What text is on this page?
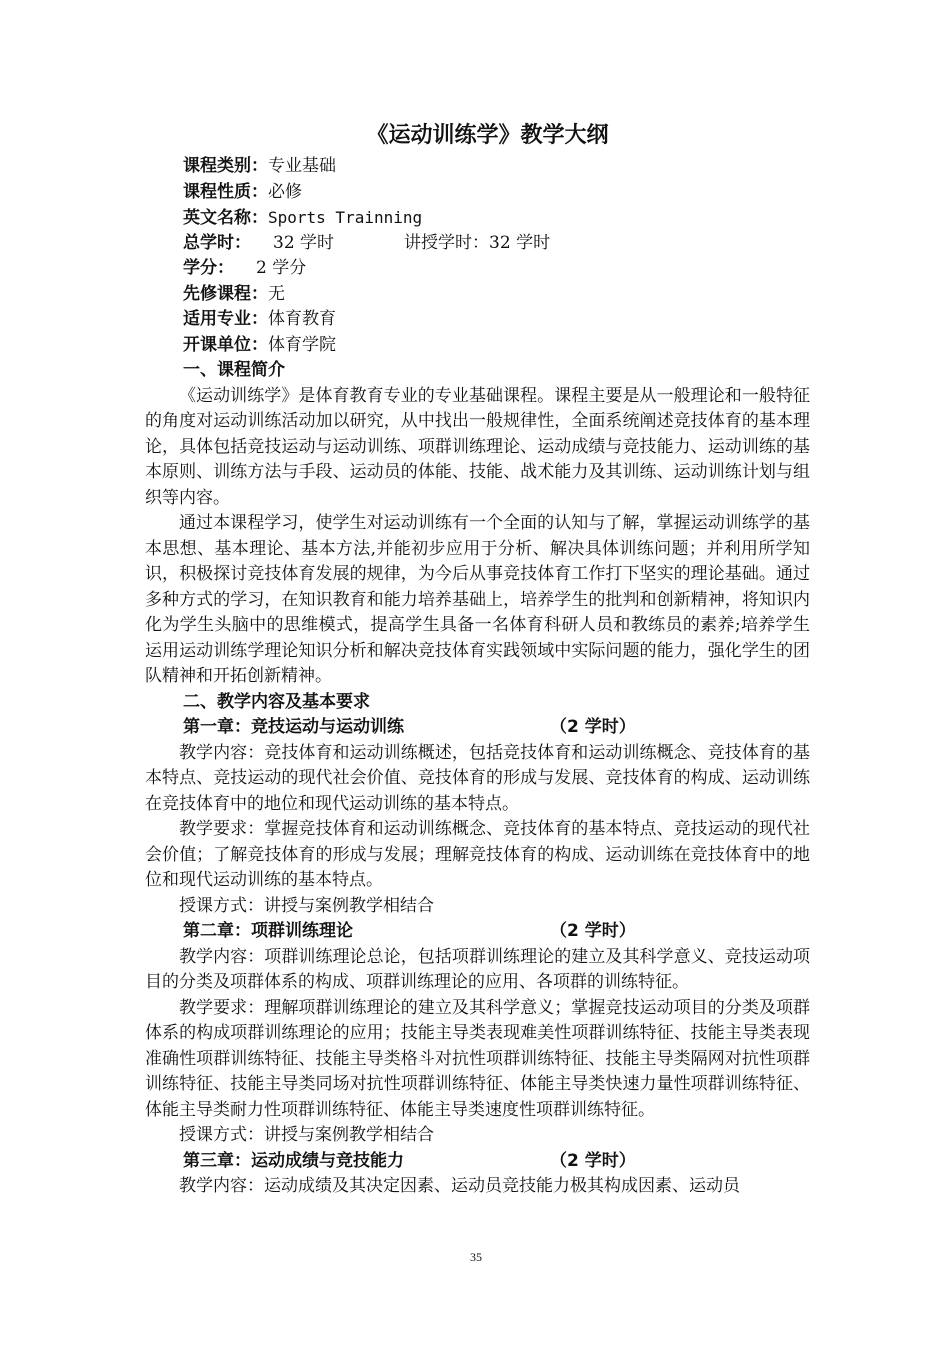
《运动训练学》教学大纲
课程类别：专业基础
课程性质：必修
英文名称：Sports Trainning
总学时： 32 学时	讲授学时：32 学时
学分： 2 学分
先修课程：无
适用专业：体育教育
开课单位：体育学院
一、课程简介

《运动训练学》是体育教育专业的专业基础课程。课程主要是从一般理论和一般特征的角度对运动训练活动加以研究，从中找出一般规律性，全面系统阐述竞技体育的基本理论，具体包括竞技运动与运动训练、项群训练理论、运动成绩与竞技能力、运动训练的基本原则、训练方法与手段、运动员的体能、技能、战术能力及其训练、运动训练计划与组织等内容。

通过本课程学习，使学生对运动训练有一个全面的认知与了解，掌握运动训练学的基本思想、基本理论、基本方法,并能初步应用于分析、解决具体训练问题；并利用所学知识，积极探讨竞技体育发展的规律，为今后从事竞技体育工作打下坚实的理论基础。通过多种方式的学习，在知识教育和能力培养基础上，培养学生的批判和创新精神，将知识内化为学生头脑中的思维模式，提高学生具备一名体育科研人员和教练员的素养;培养学生运用运动训练学理论知识分析和解决竞技体育实践领域中实际问题的能力，强化学生的团队精神和开拓创新精神。

二、教学内容及基本要求
第一章：竞技运动与运动训练	（2 学时）

教学内容：竞技体育和运动训练概述，包括竞技体育和运动训练概念、竞技体育的基本特点、竞技运动的现代社会价值、竞技体育的形成与发展、竞技体育的构成、运动训练在竞技体育中的地位和现代运动训练的基本特点。

教学要求：掌握竞技体育和运动训练概念、竞技体育的基本特点、竞技运动的现代社会价值；了解竞技体育的形成与发展；理解竞技体育的构成、运动训练在竞技体育中的地位和现代运动训练的基本特点。

授课方式：讲授与案例教学相结合

第二章：项群训练理论	（2 学时）

教学内容：项群训练理论总论，包括项群训练理论的建立及其科学意义、竞技运动项目的分类及项群体系的构成、项群训练理论的应用、各项群的训练特征。

教学要求：理解项群训练理论的建立及其科学意义；掌握竞技运动项目的分类及项群体系的构成项群训练理论的应用；技能主导类表现难美性项群训练特征、技能主导类表现准确性项群训练特征、技能主导类格斗对抗性项群训练特征、技能主导类隔网对抗性项群训练特征、技能主导类同场对抗性项群训练特征、体能主导类快速力量性项群训练特征、体能主导类耐力性项群训练特征、体能主导类速度性项群训练特征。

授课方式：讲授与案例教学相结合

第三章：运动成绩与竞技能力	（2 学时）

教学内容：运动成绩及其决定因素、运动员竞技能力极其构成因素、运动员

35
